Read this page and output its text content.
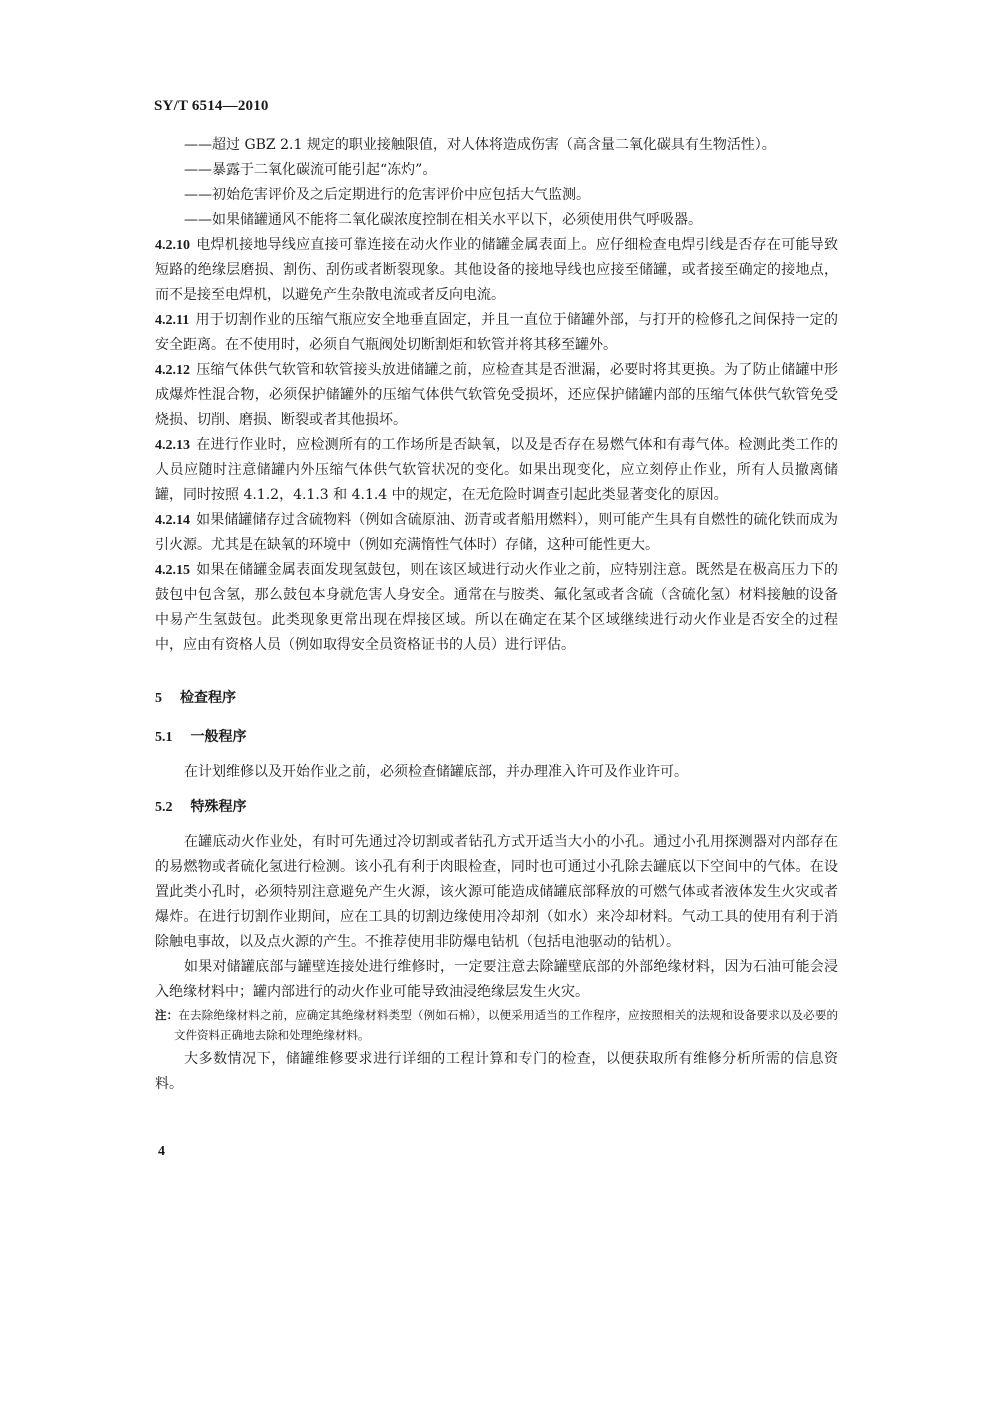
SY/T 6514—2010

——超过 GBZ 2.1 规定的职业接触限值，对人体将造成伤害（高含量二氧化碳具有生物活性）。

——暴露于二氧化碳流可能引起“冻灼”。

——初始危害评价及之后定期进行的危害评价中应包括大气监测。

——如果储罐通风不能将二氧化碳浓度控制在相关水平以下，必须使用供气呼吸器。

4.2.10 电焊机接地导线应直接可靠连接在动火作业的储罐金属表面上。应仔细检查电焊引线是否存在可能导致短路的绝缘层磨损、割伤、刮伤或者断裂现象。其他设备的接地导线也应接至储罐，或者接至确定的接地点，而不是接至电焊机，以避免产生杂散电流或者反向电流。

4.2.11 用于切割作业的压缩气瓶应安全地垂直固定，并且一直位于储罐外部，与打开的检修孔之间保持一定的安全距离。在不使用时，必须自气瓶阀处切断割炬和软管并将其移至罐外。

4.2.12 压缩气体供气软管和软管接头放进储罐之前，应检查其是否泄漏，必要时将其更换。为了防止储罐中形成爆炸性混合物，必须保护储罐外的压缩气体供气软管免受损坏，还应保护储罐内部的压缩气体供气软管免受烧损、切削、磨损、断裂或者其他损坏。

4.2.13 在进行作业时，应检测所有的工作场所是否缺氧，以及是否存在易燃气体和有毒气体。检测此类工作的人员应随时注意储罐内外压缩气体供气软管状况的变化。如果出现变化，应立刻停止作业，所有人员撤离储罐，同时按照 4.1.2，4.1.3 和 4.1.4 中的规定，在无危险时调查引起此类显著变化的原因。

4.2.14 如果储罐储存过含硫物料（例如含硫原油、沥青或者船用燃料），则可能产生具有自燃性的硫化铁而成为引火源。尤其是在缺氧的环境中（例如充满惰性气体时）存储，这种可能性更大。

4.2.15 如果在储罐金属表面发现氢鼓包，则在该区域进行动火作业之前，应特别注意。既然是在极高压力下的鼓包中包含氢，那么鼓包本身就危害人身安全。通常在与胺类、氟化氢或者含硫（含硫化氢）材料接触的设备中易产生氢鼓包。此类现象更常出现在焊接区域。所以在确定在某个区域继续进行动火作业是否安全的过程中，应由有资格人员（例如取得安全员资格证书的人员）进行评估。

5 检查程序

5.1 一般程序

在计划维修以及开始作业之前，必须检查储罐底部，并办理准入许可及作业许可。

5.2 特殊程序

在罐底动火作业处，有时可先通过冷切割或者钻孔方式开适当大小的小孔。通过小孔用探测器对内部存在的易燃物或者硫化氢进行检测。该小孔有利于肉眼检查，同时也可通过小孔除去罐底以下空间中的气体。在设置此类小孔时，必须特别注意避免产生火源，该火源可能造成储罐底部释放的可燃气体或者液体发生火灾或者爆炸。在进行切割作业期间，应在工具的切割边缘使用冷却剂（如水）来冷却材料。气动工具的使用有利于消除触电事故，以及点火源的产生。不推荐使用非防爆电钻机（包括电池驱动的钻机）。

如果对储罐底部与罐壁连接处进行维修时，一定要注意去除罐壁底部的外部绝缘材料，因为石油可能会浸入绝缘材料中；罐内部进行的动火作业可能导致油浸绝缘层发生火灾。

注：在去除绝缘材料之前，应确定其绝缘材料类型（例如石棉），以便采用适当的工作程序，应按照相关的法规和设备要求以及必要的文件资料正确地去除和处理绝缘材料。

大多数情况下，储罐维修要求进行详细的工程计算和专门的检查，以便获取所有维修分析所需的信息资料。

4
